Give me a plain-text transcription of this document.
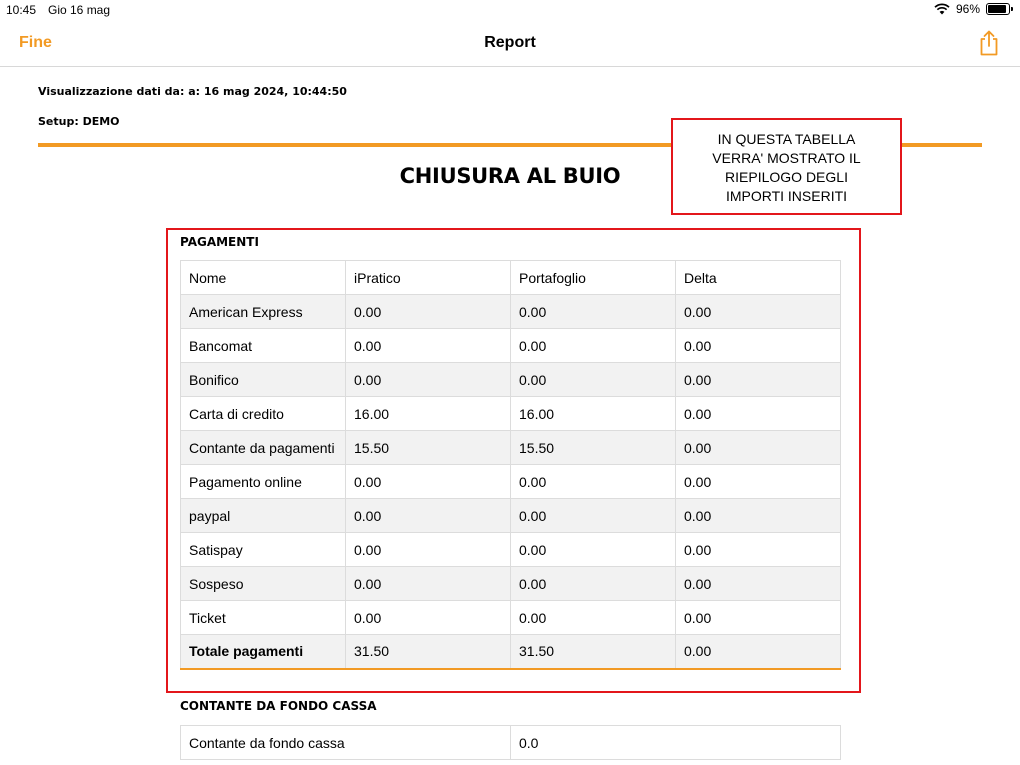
10:45 Gio 16 mag	96%
Fine	Report
Visualizzazione dati da: a: 16 mag 2024, 10:44:50
Setup: DEMO
CHIUSURA AL BUIO
IN QUESTA TABELLA
VERRA' MOSTRATO IL
RIEPILOGO DEGLI
IMPORTI INSERITI
PAGAMENTI
Nome	iPratico	Portafoglio	Delta
American Express	0.00	0.00	0.00
Bancomat	0.00	0.00	0.00
Bonifico	0.00	0.00	0.00
Carta di credito	16.00	16.00	0.00
Contante da pagamenti	15.50	15.50	0.00
Pagamento online	0.00	0.00	0.00
paypal	0.00	0.00	0.00
Satispay	0.00	0.00	0.00
Sospeso	0.00	0.00	0.00
Ticket	0.00	0.00	0.00
Totale pagamenti	31.50	31.50	0.00
CONTANTE DA FONDO CASSA
Contante da fondo cassa	0.0
